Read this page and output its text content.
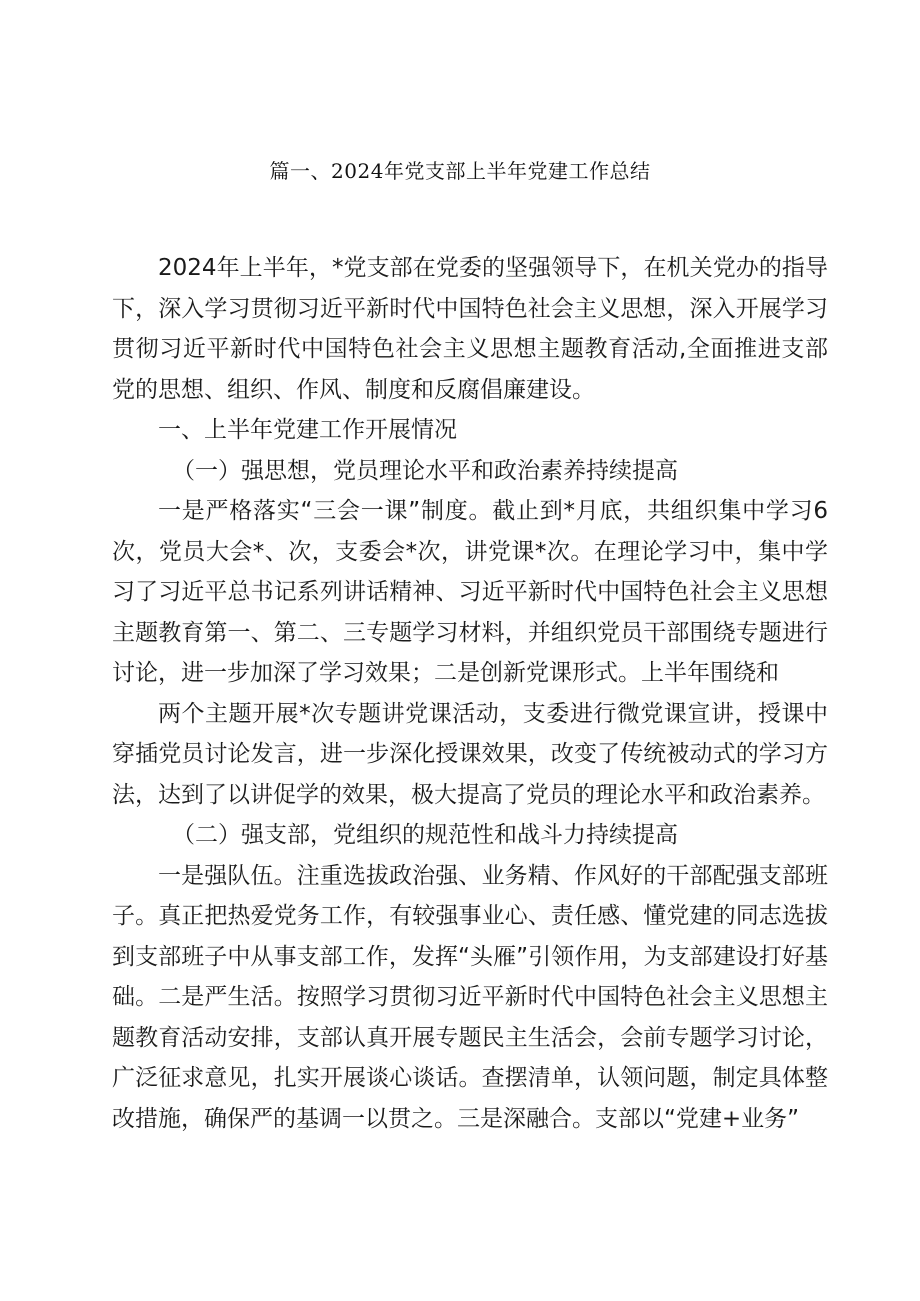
篇一、2024年党支部上半年党建工作总结

2024年上半年，*党支部在党委的坚强领导下，在机关党办的指导下，深入学习贯彻习近平新时代中国特色社会主义思想，深入开展学习贯彻习近平新时代中国特色社会主义思想主题教育活动,全面推进支部党的思想、组织、作风、制度和反腐倡廉建设。

一、上半年党建工作开展情况

（一）强思想，党员理论水平和政治素养持续提高

一是严格落实“三会一课”制度。截止到*月底，共组织集中学习6次，党员大会*、次，支委会*次，讲党课*次。在理论学习中，集中学习了习近平总书记系列讲话精神、习近平新时代中国特色社会主义思想主题教育第一、第二、三专题学习材料，并组织党员干部围绕专题进行讨论，进一步加深了学习效果；二是创新党课形式。上半年围绕和

两个主题开展*次专题讲党课活动，支委进行微党课宣讲，授课中穿插党员讨论发言，进一步深化授课效果，改变了传统被动式的学习方法，达到了以讲促学的效果，极大提高了党员的理论水平和政治素养。

（二）强支部，党组织的规范性和战斗力持续提高

一是强队伍。注重选拔政治强、业务精、作风好的干部配强支部班子。真正把热爱党务工作，有较强事业心、责任感、懂党建的同志选拔到支部班子中从事支部工作，发挥“头雁”引领作用，为支部建设打好基础。二是严生活。按照学习贯彻习近平新时代中国特色社会主义思想主题教育活动安排，支部认真开展专题民主生活会，会前专题学习讨论，广泛征求意见，扎实开展谈心谈话。查摆清单，认领问题，制定具体整改措施，确保严的基调一以贯之。三是深融合。支部以“党建+业务”
